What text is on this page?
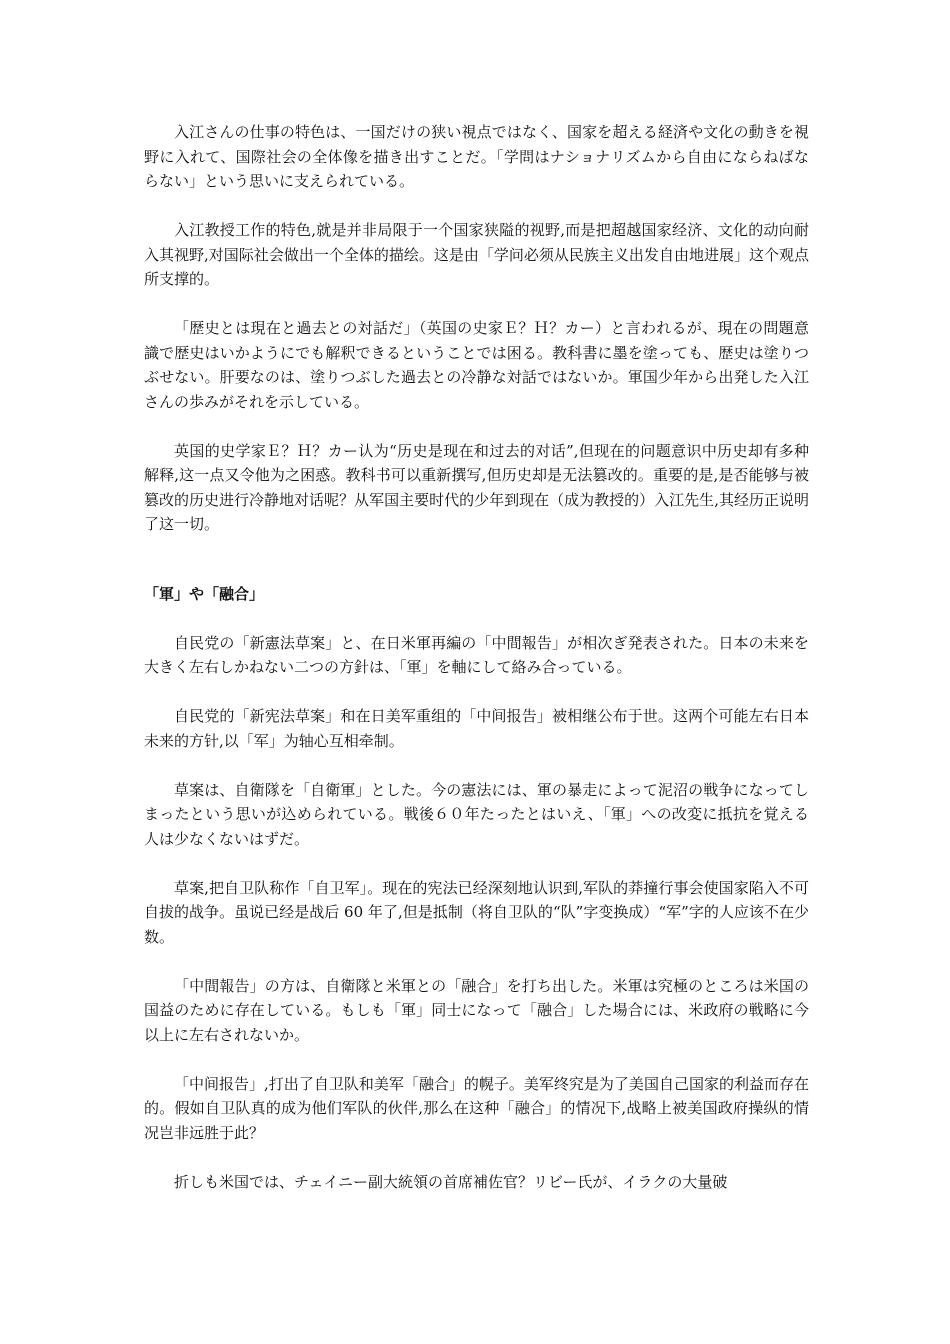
入江さんの仕事の特色は、一国だけの狭い視点ではなく、国家を超える経済や文化の動きを視野に入れて、国際社会の全体像を描き出すことだ。「学問はナショナリズムから自由にならねばならない」という思いに支えられている。

入江教授工作的特色,就是并非局限于一个国家狭隘的视野,而是把超越国家经济、文化的动向耐入其视野,对国际社会做出一个全体的描绘。这是由「学问必须从民族主义出发自由地进展」这个观点所支撑的。

「歴史とは現在と過去との対話だ」（英国の史家Ｅ？Ｈ？カー）と言われるが、現在の問題意識で歴史はいかようにでも解釈できるということでは困る。教科書に墨を塗っても、歴史は塗りつぶせない。肝要なのは、塗りつぶした過去との冷静な対話ではないか。軍国少年から出発した入江さんの歩みがそれを示している。

英国的史学家Ｅ？Ｈ？カー认为“历史是现在和过去的对话”,但现在的问题意识中历史却有多种解释,这一点又令他为之困惑。教科书可以重新撰写,但历史却是无法篡改的。重要的是,是否能够与被篡改的历史进行冷静地对话呢？从军国主要时代的少年到现在（成为教授的）入江先生,其经历正说明了这一切。

「軍」や「融合」

自民党の「新憲法草案」と、在日米軍再編の「中間報告」が相次ぎ発表された。日本の未来を大きく左右しかねない二つの方針は、「軍」を軸にして絡み合っている。

自民党的「新宪法草案」和在日美军重组的「中间报告」被相继公布于世。这两个可能左右日本未来的方针,以「军」为轴心互相牵制。

草案は、自衛隊を「自衛軍」とした。今の憲法には、軍の暴走によって泥沼の戦争になってしまったという思いが込められている。戦後６０年たったとはいえ、「軍」への改変に抵抗を覚える人は少なくないはずだ。

草案,把自卫队称作「自卫军」。现在的宪法已经深刻地认识到,军队的莽撞行事会使国家陷入不可自拔的战争。虽说已经是战后 60 年了,但是抵制（将自卫队的“队”字变换成）“军”字的人应该不在少数。

「中間報告」の方は、自衛隊と米軍との「融合」を打ち出した。米軍は究極のところは米国の国益のために存在している。もしも「軍」同士になって「融合」した場合には、米政府の戦略に今以上に左右されないか。

「中间报告」,打出了自卫队和美军「融合」的幌子。美军终究是为了美国自己国家的利益而存在的。假如自卫队真的成为他们军队的伙伴,那么在这种「融合」的情况下,战略上被美国政府操纵的情况岂非远胜于此？

折しも米国では、チェイニー副大統領の首席補佐官？リビー氏が、イラクの大量破
